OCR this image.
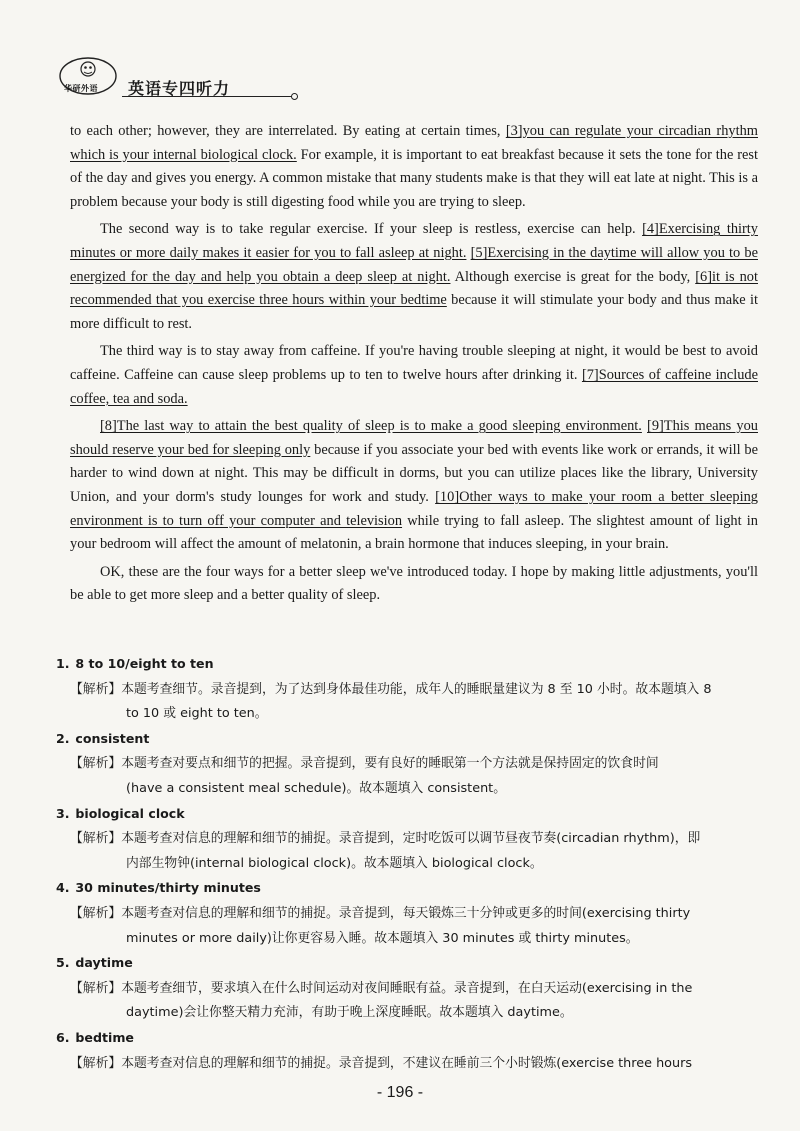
华研外语 英语专四听力

to each other; however, they are interrelated. By eating at certain times, [3]you can regulate your circadian rhythm which is your internal biological clock. For example, it is important to eat breakfast because it sets the tone for the rest of the day and gives you energy. A common mistake that many students make is that they will eat late at night. This is a problem because your body is still digesting food while you are trying to sleep.

The second way is to take regular exercise. If your sleep is restless, exercise can help. [4]Exercising thirty minutes or more daily makes it easier for you to fall asleep at night. [5]Exercising in the daytime will allow you to be energized for the day and help you obtain a deep sleep at night. Although exercise is great for the body, [6]it is not recommended that you exercise three hours within your bedtime because it will stimulate your body and thus make it more difficult to rest.

The third way is to stay away from caffeine. If you're having trouble sleeping at night, it would be best to avoid caffeine. Caffeine can cause sleep problems up to ten to twelve hours after drinking it. [7]Sources of caffeine include coffee, tea and soda.

[8]The last way to attain the best quality of sleep is to make a good sleeping environment. [9]This means you should reserve your bed for sleeping only because if you associate your bed with events like work or errands, it will be harder to wind down at night. This may be difficult in dorms, but you can utilize places like the library, University Union, and your dorm's study lounges for work and study. [10]Other ways to make your room a better sleeping environment is to turn off your computer and television while trying to fall asleep. The slightest amount of light in your bedroom will affect the amount of melatonin, a brain hormone that induces sleeping, in your brain.

OK, these are the four ways for a better sleep we've introduced today. I hope by making little adjustments, you'll be able to get more sleep and a better quality of sleep.

1. 8 to 10/eight to ten
【解析】本题考查细节。录音提到，为了达到身体最佳功能，成年人的睡眠量建议为 8 至 10 小时。故本题填入 8
to 10 或 eight to ten。
2. consistent
【解析】本题考查对要点和细节的把握。录音提到，要有良好的睡眠第一个方法就是保持固定的饮食时间
(have a consistent meal schedule)。故本题填入 consistent。
3. biological clock
【解析】本题考查对信息的理解和细节的捕捉。录音提到，定时吃饭可以调节昼夜节奏(circadian rhythm)，即
内部生物钟(internal biological clock)。故本题填入 biological clock。
4. 30 minutes/thirty minutes
【解析】本题考查对信息的理解和细节的捕捉。录音提到，每天锻炼三十分钟或更多的时间(exercising thirty
minutes or more daily)让你更容易入睡。故本题填入 30 minutes 或 thirty minutes。
5. daytime
【解析】本题考查细节，要求填入在什么时间运动对夜间睡眠有益。录音提到，在白天运动(exercising in the
daytime)会让你整天精力充沛，有助于晚上深度睡眠。故本题填入 daytime。
6. bedtime
【解析】本题考查对信息的理解和细节的捕捉。录音提到，不建议在睡前三个小时锻炼(exercise three hours
- 196 -
